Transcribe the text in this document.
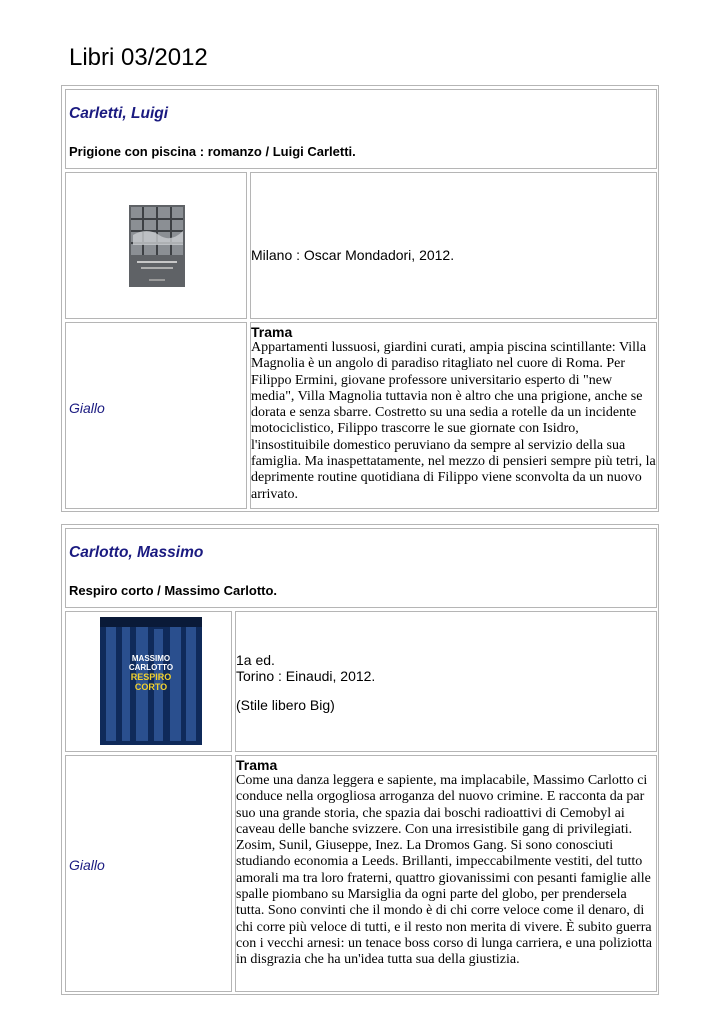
Libri 03/2012
Carletti, Luigi
Prigione con piscina : romanzo / Luigi Carletti.
Milano : Oscar Mondadori, 2012.
Giallo
Trama
Appartamenti lussuosi, giardini curati, ampia piscina scintillante: Villa Magnolia è un angolo di paradiso ritagliato nel cuore di Roma. Per Filippo Ermini, giovane professore universitario esperto di "new media", Villa Magnolia tuttavia non è altro che una prigione, anche se dorata e senza sbarre. Costretto su una sedia a rotelle da un incidente motociclistico, Filippo trascorre le sue giornate con Isidro, l'insostituibile domestico peruviano da sempre al servizio della sua famiglia. Ma inaspettatamente, nel mezzo di pensieri sempre più tetri, la deprimente routine quotidiana di Filippo viene sconvolta da un nuovo arrivato.
Carlotto, Massimo
Respiro corto / Massimo Carlotto.
MASSIMO
CARLOTTO
RESPIRO
CORTO
1a ed.
Torino : Einaudi, 2012.
(Stile libero Big)
Giallo
Trama
Come una danza leggera e sapiente, ma implacabile, Massimo Carlotto ci conduce nella orgogliosa arroganza del nuovo crimine. E racconta da par suo una grande storia, che spazia dai boschi radioattivi di Cemobyl ai caveau delle banche svizzere. Con una irresistibile gang di privilegiati. Zosim, Sunil, Giuseppe, Inez. La Dromos Gang. Si sono conosciuti studiando economia a Leeds. Brillanti, impeccabilmente vestiti, del tutto amorali ma tra loro fraterni, quattro giovanissimi con pesanti famiglie alle spalle piombano su Marsiglia da ogni parte del globo, per prendersela tutta. Sono convinti che il mondo è di chi corre veloce come il denaro, di chi corre più veloce di tutti, e il resto non merita di vivere. È subito guerra con i vecchi arnesi: un tenace boss corso di lunga carriera, e una poliziotta in disgrazia che ha un'idea tutta sua della giustizia.
